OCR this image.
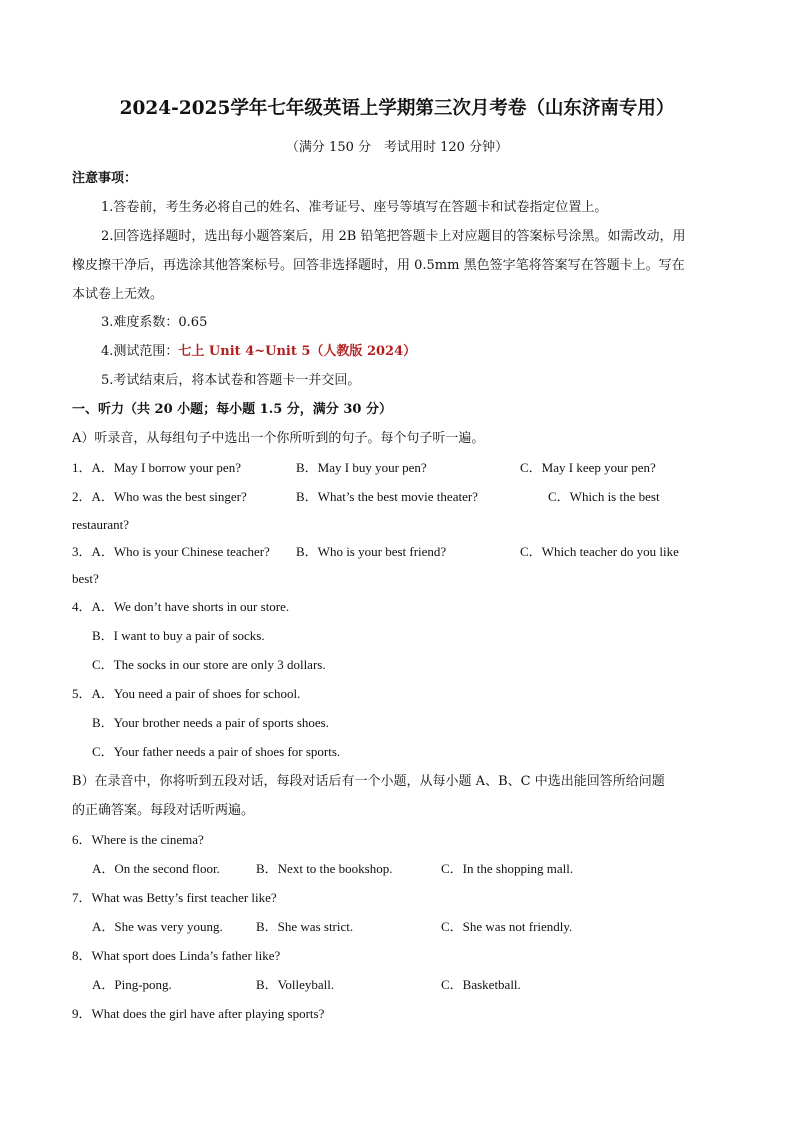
2024-2025学年七年级英语上学期第三次月考卷（山东济南专用）
（满分 150 分　考试用时 120 分钟）
注意事项：
1.答卷前，考生务必将自己的姓名、准考证号、座号等填写在答题卡和试卷指定位置上。
2.回答选择题时，选出每小题答案后，用 2B 铅笔把答题卡上对应题目的答案标号涂黑。如需改动，用
橡皮擦干净后，再选涂其他答案标号。回答非选择题时，用 0.5mm 黑色签字笔将答案写在答题卡上。写在
本试卷上无效。
3.难度系数：0.65
4.测试范围：七上 Unit 4~Unit 5（人教版 2024）
5.考试结束后，将本试卷和答题卡一并交回。
一、听力（共 20 小题；每小题 1.5 分，满分 30 分）
A）听录音，从每组句子中选出一个你所听到的句子。每个句子听一遍。
1．A．May I borrow your pen?	B．May I buy your pen?	C．May I keep your pen?
2．A．Who was the best singer?	B．What’s the best movie theater?	C．Which is the best
restaurant?
3．A．Who is your Chinese teacher? B．Who is your best friend?	C．Which teacher do you like
best?
4．A．We don’t have shorts in our store.
B．I want to buy a pair of socks.
C．The socks in our store are only 3 dollars.
5．A．You need a pair of shoes for school.
B．Your brother needs a pair of sports shoes.
C．Your father needs a pair of shoes for sports.
B）在录音中，你将听到五段对话，每段对话后有一个小题，从每小题 A、B、C 中选出能回答所给问题
的正确答案。每段对话听两遍。
6．Where is the cinema?
A．On the second floor.	B．Next to the bookshop.	C．In the shopping mall.
7．What was Betty’s first teacher like?
A．She was very young.	B．She was strict.	C．She was not friendly.
8．What sport does Linda’s father like?
A．Ping-pong.	B．Volleyball.	C．Basketball.
9．What does the girl have after playing sports?
